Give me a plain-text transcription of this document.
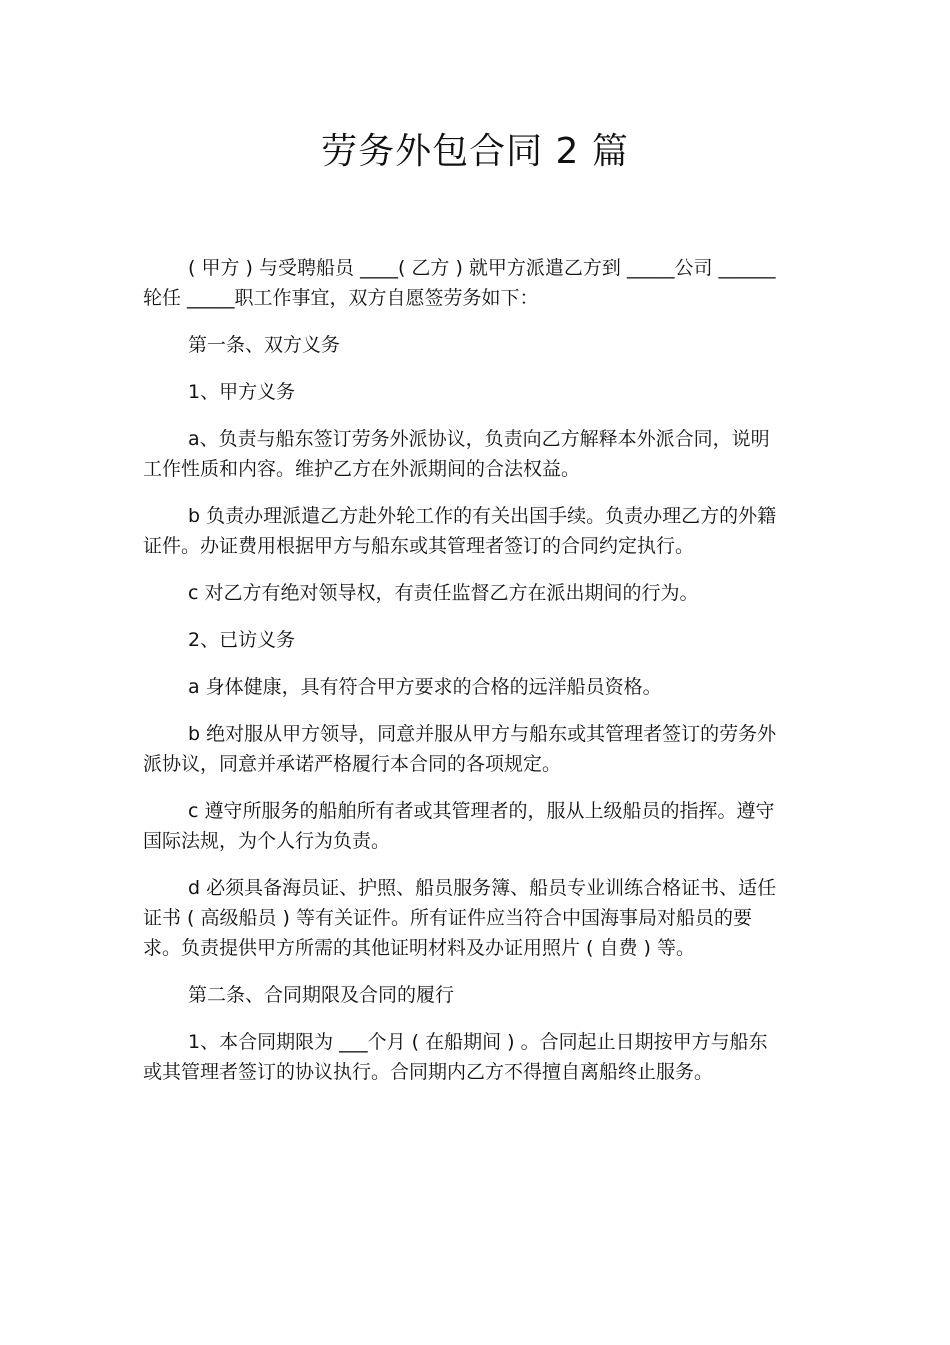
劳务外包合同 2 篇

( 甲方 ) 与受聘船员 ____( 乙方 ) 就甲方派遣乙方到 _____公司 ______ 轮任 _____职工作事宜，双方自愿签劳务如下：

第一条、双方义务

1、甲方义务

a、负责与船东签订劳务外派协议，负责向乙方解释本外派合同，说明工作性质和内容。维护乙方在外派期间的合法权益。

b 负责办理派遣乙方赴外轮工作的有关出国手续。负责办理乙方的外籍证件。办证费用根据甲方与船东或其管理者签订的合同约定执行。

c 对乙方有绝对领导权，有责任监督乙方在派出期间的行为。

2、已访义务

a 身体健康，具有符合甲方要求的合格的远洋船员资格。

b 绝对服从甲方领导，同意并服从甲方与船东或其管理者签订的劳务外派协议，同意并承诺严格履行本合同的各项规定。

c 遵守所服务的船舶所有者或其管理者的，服从上级船员的指挥。遵守国际法规，为个人行为负责。

d 必须具备海员证、护照、船员服务簿、船员专业训练合格证书、适任证书 ( 高级船员 ) 等有关证件。所有证件应当符合中国海事局对船员的要求。负责提供甲方所需的其他证明材料及办证用照片 ( 自费 ) 等。

第二条、合同期限及合同的履行

1、本合同期限为 ___个月 ( 在船期间 ) 。合同起止日期按甲方与船东或其管理者签订的协议执行。合同期内乙方不得擅自离船终止服务。
